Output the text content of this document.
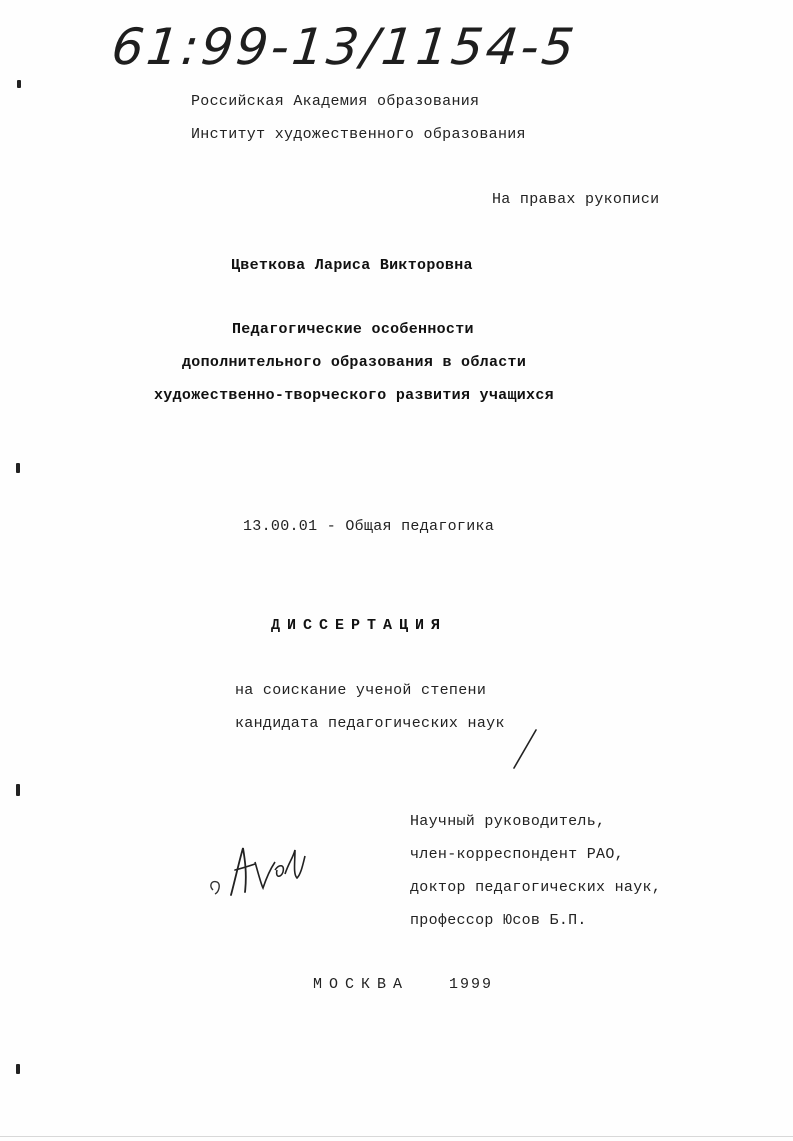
61:99-13/1154-5
Российская Академия образования
Институт художественного образования
На правах рукописи
Цветкова Лариса Викторовна
Педагогические особенности
дополнительного образования в области
художественно-творческого развития учащихся
13.00.01 - Общая педагогика
ДИССЕРТАЦИЯ
на соискание ученой степени
кандидата педагогических наук
Научный руководитель,
член-корреспондент РАО,
доктор педагогических наук,
профессор Юсов Б.П.
МОСКВА	1999
